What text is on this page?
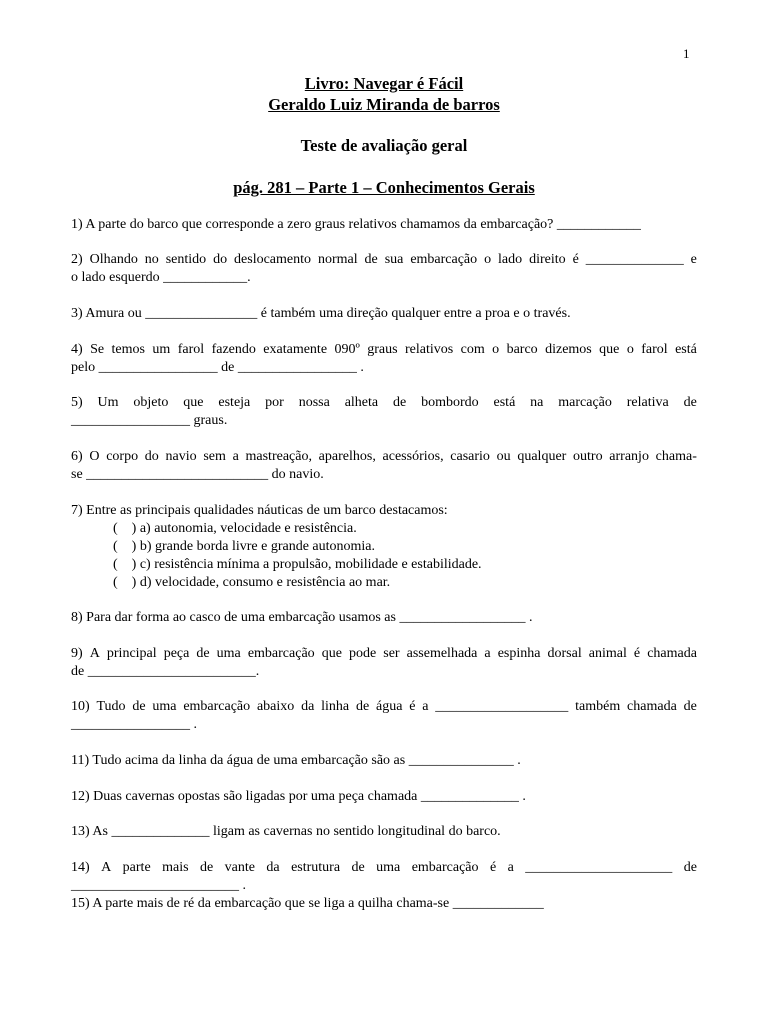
1
Livro: Navegar é Fácil
Geraldo Luiz Miranda de barros
Teste de avaliação geral
pág. 281 – Parte 1 – Conhecimentos Gerais
1) A parte do barco que corresponde a zero graus relativos chamamos da embarcação? ____________
2) Olhando no sentido do deslocamento normal de sua embarcação o lado direito é ______________ e
o lado esquerdo ____________.
3) Amura ou ________________ é também uma direção qualquer entre a proa e o través.
4) Se temos um farol fazendo exatamente 090º graus relativos com o barco dizemos que o farol está
pelo _________________ de _________________ .
5) Um objeto que esteja por nossa alheta de bombordo está na marcação relativa de
_________________ graus.
6) O corpo do navio sem a mastreação, aparelhos, acessórios, casario ou qualquer outro arranjo chama-
se __________________________ do navio.
7) Entre as principais qualidades náuticas de um barco destacamos:
(    ) a) autonomia, velocidade e resistência.
(    ) b) grande borda livre e grande autonomia.
(    ) c) resistência mínima a propulsão, mobilidade e estabilidade.
(    ) d) velocidade, consumo e resistência ao mar.
8) Para dar forma ao casco de uma embarcação usamos as __________________ .
9) A principal peça de uma embarcação que pode ser assemelhada a espinha dorsal animal é chamada
de ________________________.
10) Tudo de uma embarcação abaixo da linha de água é a ___________________ também chamada de
_________________ .
11) Tudo acima da linha da água de uma embarcação são as _______________ .
12) Duas cavernas opostas são ligadas por uma peça chamada ______________ .
13) As ______________ ligam as cavernas no sentido longitudinal do barco.
14) A parte mais de vante da estrutura de uma embarcação é a _____________________ de
________________________ .
15) A parte mais de ré da embarcação que se liga a quilha chama-se _____________
